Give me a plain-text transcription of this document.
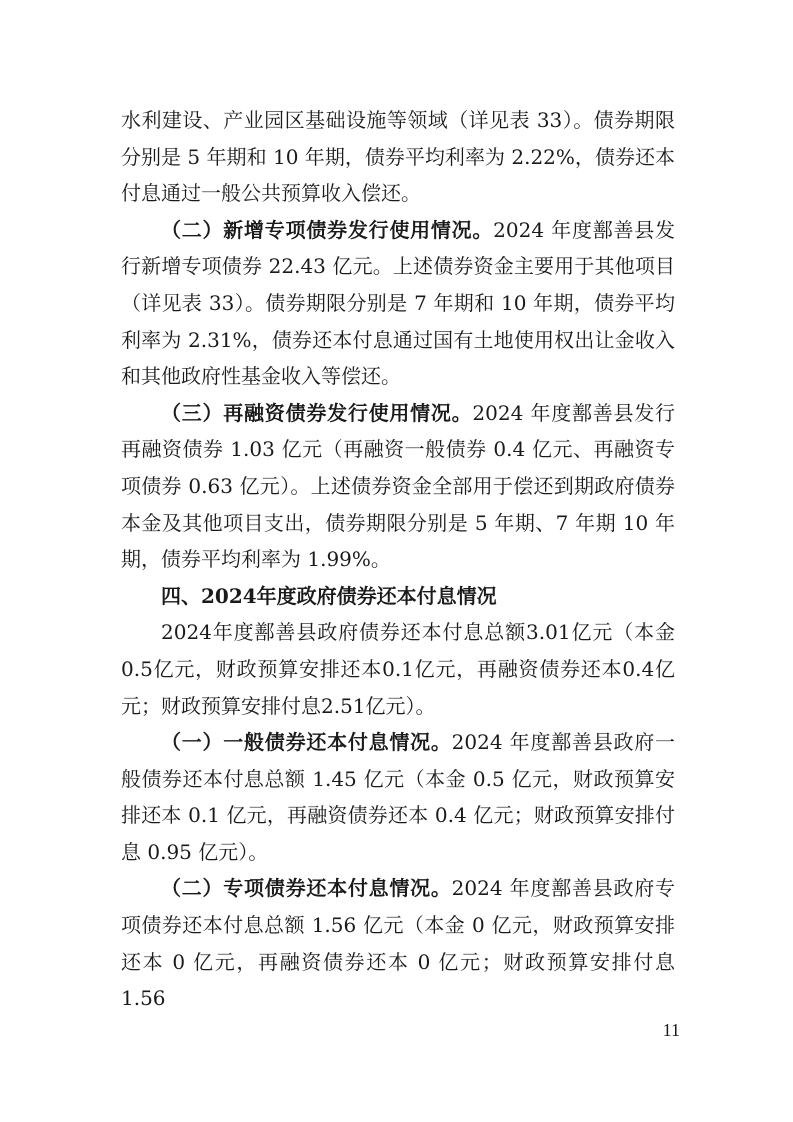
水利建设、产业园区基础设施等领域（详见表 33）。债券期限分别是 5 年期和 10 年期，债券平均利率为 2.22%，债券还本付息通过一般公共预算收入偿还。

（二）新增专项债券发行使用情况。2024 年度鄯善县发行新增专项债券 22.43 亿元。上述债券资金主要用于其他项目（详见表 33）。债券期限分别是 7 年期和 10 年期，债券平均利率为 2.31%，债券还本付息通过国有土地使用权出让金收入和其他政府性基金收入等偿还。

（三）再融资债券发行使用情况。2024 年度鄯善县发行再融资债券 1.03 亿元（再融资一般债券 0.4 亿元、再融资专项债券 0.63 亿元）。上述债券资金全部用于偿还到期政府债券本金及其他项目支出，债券期限分别是 5 年期、7 年期 10 年期，债券平均利率为 1.99%。

四、2024年度政府债券还本付息情况

2024年度鄯善县政府债券还本付息总额3.01亿元（本金0.5亿元，财政预算安排还本0.1亿元，再融资债券还本0.4亿元；财政预算安排付息2.51亿元）。

（一）一般债券还本付息情况。2024 年度鄯善县政府一般债券还本付息总额 1.45 亿元（本金 0.5 亿元，财政预算安排还本 0.1 亿元，再融资债券还本 0.4 亿元；财政预算安排付息 0.95 亿元）。

（二）专项债券还本付息情况。2024 年度鄯善县政府专项债券还本付息总额 1.56 亿元（本金 0 亿元，财政预算安排还本 0 亿元，再融资债券还本 0 亿元；财政预算安排付息 1.56

11
